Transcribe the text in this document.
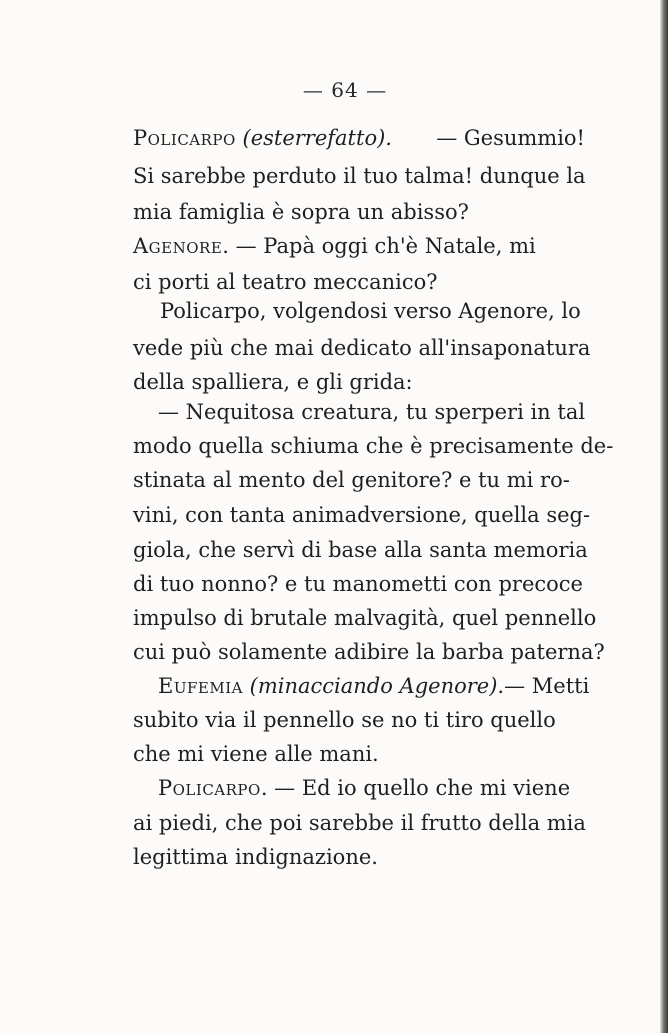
— 64 —
Policarpo (esterrefatto). — Gesummio!
Si sarebbe perduto il tuo talma! dunque la
mia famiglia è sopra un abisso?
Agenore . — Papà oggi ch'è Natale, mi
ci porti al teatro meccanico?
Policarpo, volgendosi verso Agenore, lo
vede più che mai dedicato all'insaponatura
della spalliera, e gli grida:
— Nequitosa creatura, tu sperperi in tal
modo quella schiuma che è precisamente de-
stinata al mento del genitore? e tu mi ro-
vini, con tanta animadversione, quella seg-
giola, che servì di base alla santa memoria
di tuo nonno? e tu manometti con precoce
impulso di brutale malvagità, quel pennello
cui può solamente adibire la barba paterna?
Eufemia (minacciando Agenore). — Metti
subito via il pennello se no ti tiro quello
che mi viene alle mani.
Policarpo . — Ed io quello che mi viene
ai piedi, che poi sarebbe il frutto della mia
legittima indignazione.
